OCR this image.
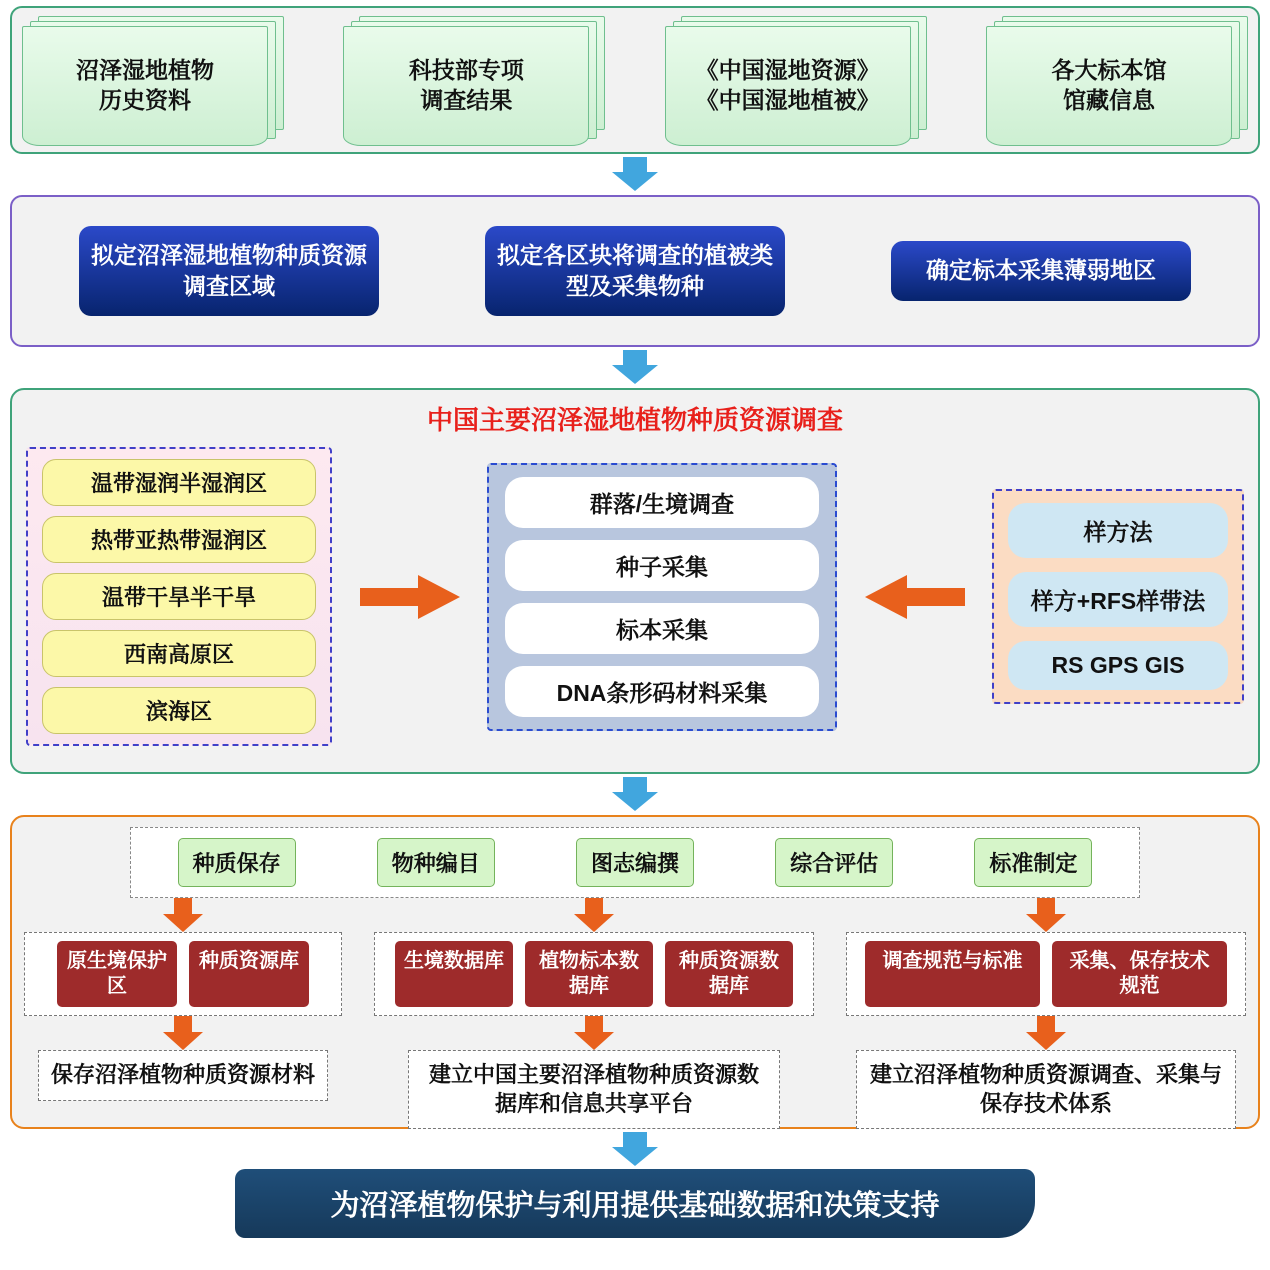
沼泽湿地植物
历史资料
科技部专项
调查结果
《中国湿地资源》
《中国湿地植被》
各大标本馆
馆藏信息
拟定沼泽湿地植物种质资源调查区域
拟定各区块将调查的植被类型及采集物种
确定标本采集薄弱地区
中国主要沼泽湿地植物种质资源调查
温带湿润半湿润区
热带亚热带湿润区
温带干旱半干旱
西南高原区
滨海区
群落/生境调查
种子采集
标本采集
DNA条形码材料采集
样方法
样方+RFS样带法
RS GPS GIS
种质保存	物种编目	图志编撰	综合评估	标准制定
原生境保护区
种质资源库
保存沼泽植物种质资源材料
生境数据库	植物标本数据库
种质资源数据库
建立中国主要沼泽植物种质资源数据库和信息共享平台
调查规范与标准	采集、保存技术规范
建立沼泽植物种质资源调查、采集与保存技术体系
为沼泽植物保护与利用提供基础数据和决策支持
